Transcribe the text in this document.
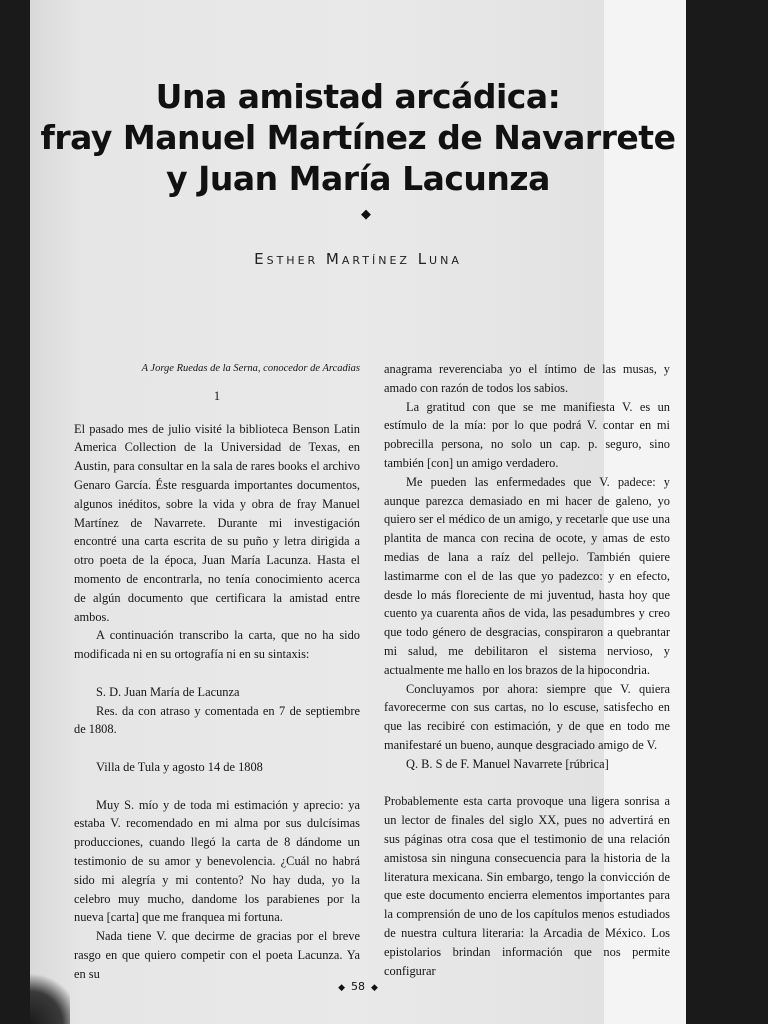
Una amistad arcádica:
fray Manuel Martínez de Navarrete
y Juan María Lacunza
◆
Esther Martínez Luna

A Jorge Ruedas de la Serna, conocedor de Arcadias

1

El pasado mes de julio visité la biblioteca Benson Latin America Collection de la Universidad de Texas, en Austin, para consultar en la sala de rares books el archivo Genaro García. Éste resguarda importantes documentos, algunos inéditos, sobre la vida y obra de fray Manuel Martínez de Navarrete. Durante mi investigación encontré una carta escrita de su puño y letra dirigida a otro poeta de la época, Juan María Lacunza. Hasta el momento de encontrarla, no tenía conocimiento acerca de algún documento que certificara la amistad entre ambos.

A continuación transcribo la carta, que no ha sido modificada ni en su ortografía ni en su sintaxis:

S. D. Juan María de Lacunza

Res. da con atraso y comentada en 7 de septiembre de 1808.

Villa de Tula y agosto 14 de 1808

Muy S. mío y de toda mi estimación y aprecio: ya estaba V. recomendado en mi alma por sus dulcísimas producciones, cuando llegó la carta de 8 dándome un testimonio de su amor y benevolencia. ¿Cuál no habrá sido mi alegría y mi contento? No hay duda, yo la celebro muy mucho, dandome los parabienes por la nueva [carta] que me franquea mi fortuna.

Nada tiene V. que decirme de gracias por el breve rasgo en que quiero competir con el poeta Lacunza. Ya en su

anagrama reverenciaba yo el íntimo de las musas, y amado con razón de todos los sabios.

La gratitud con que se me manifiesta V. es un estímulo de la mía: por lo que podrá V. contar en mi pobrecilla persona, no solo un cap. p. seguro, sino también [con] un amigo verdadero.

Me pueden las enfermedades que V. padece: y aunque parezca demasiado en mi hacer de galeno, yo quiero ser el médico de un amigo, y recetarle que use una plantita de manca con recina de ocote, y amas de esto medias de lana a raíz del pellejo. También quiere lastimarme con el de las que yo padezco: y en efecto, desde lo más floreciente de mi juventud, hasta hoy que cuento ya cuarenta años de vida, las pesadumbres y creo que todo género de desgracias, conspiraron a quebrantar mi salud, me debilitaron el sistema nervioso, y actualmente me hallo en los brazos de la hipocondria.

Concluyamos por ahora: siempre que V. quiera favorecerme con sus cartas, no lo escuse, satisfecho en que las recibiré con estimación, y de que en todo me manifestaré un bueno, aunque desgraciado amigo de V.

Q. B. S de F. Manuel Navarrete [rúbrica]

Probablemente esta carta provoque una ligera sonrisa a un lector de finales del siglo XX, pues no advertirá en sus páginas otra cosa que el testimonio de una relación amistosa sin ninguna consecuencia para la historia de la literatura mexicana. Sin embargo, tengo la convicción de que este documento encierra elementos importantes para la comprensión de uno de los capítulos menos estudiados de nuestra cultura literaria: la Arcadia de México. Los epistolarios brindan información que nos permite configurar

◆ 58 ◆
